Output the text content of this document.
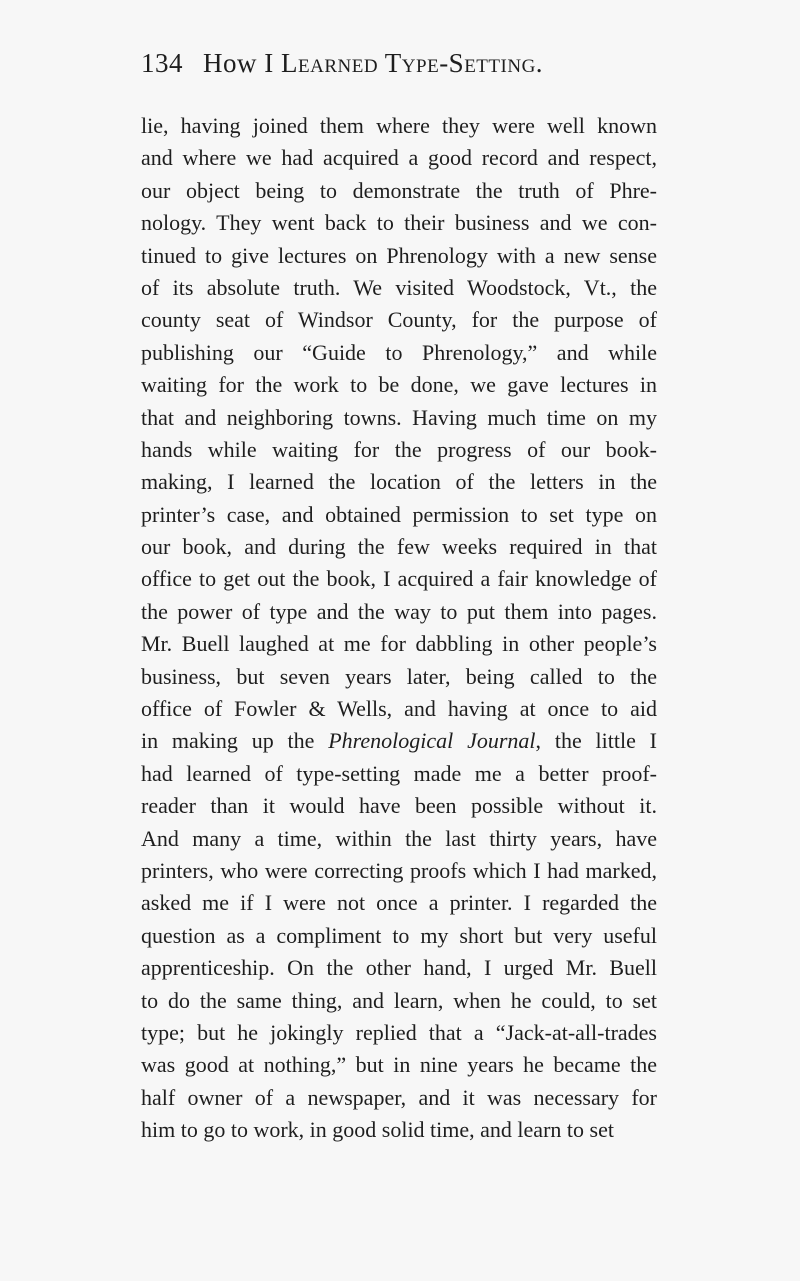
134 How I Learned Type-Setting.
lie, having joined them where they were well known
and where we had acquired a good record and respect,
our object being to demonstrate the truth of Phre-
nology. They went back to their business and we con-
tinued to give lectures on Phrenology with a new sense
of its absolute truth. We visited Woodstock, Vt., the
county seat of Windsor County, for the purpose of
publishing our “Guide to Phrenology,” and while
waiting for the work to be done, we gave lectures in
that and neighboring towns. Having much time on my
hands while waiting for the progress of our book-
making, I learned the location of the letters in the
printer’s case, and obtained permission to set type on
our book, and during the few weeks required in that
office to get out the book, I acquired a fair knowledge of
the power of type and the way to put them into pages.
Mr. Buell laughed at me for dabbling in other people’s
business, but seven years later, being called to the
office of Fowler & Wells, and having at once to aid
in making up the Phrenological Journal, the little I
had learned of type-setting made me a better proof-
reader than it would have been possible without it.
And many a time, within the last thirty years, have
printers, who were correcting proofs which I had marked,
asked me if I were not once a printer. I regarded the
question as a compliment to my short but very useful
apprenticeship. On the other hand, I urged Mr. Buell
to do the same thing, and learn, when he could, to set
type; but he jokingly replied that a “Jack-at-all-trades
was good at nothing,” but in nine years he became the
half owner of a newspaper, and it was necessary for
him to go to work, in good solid time, and learn to set
